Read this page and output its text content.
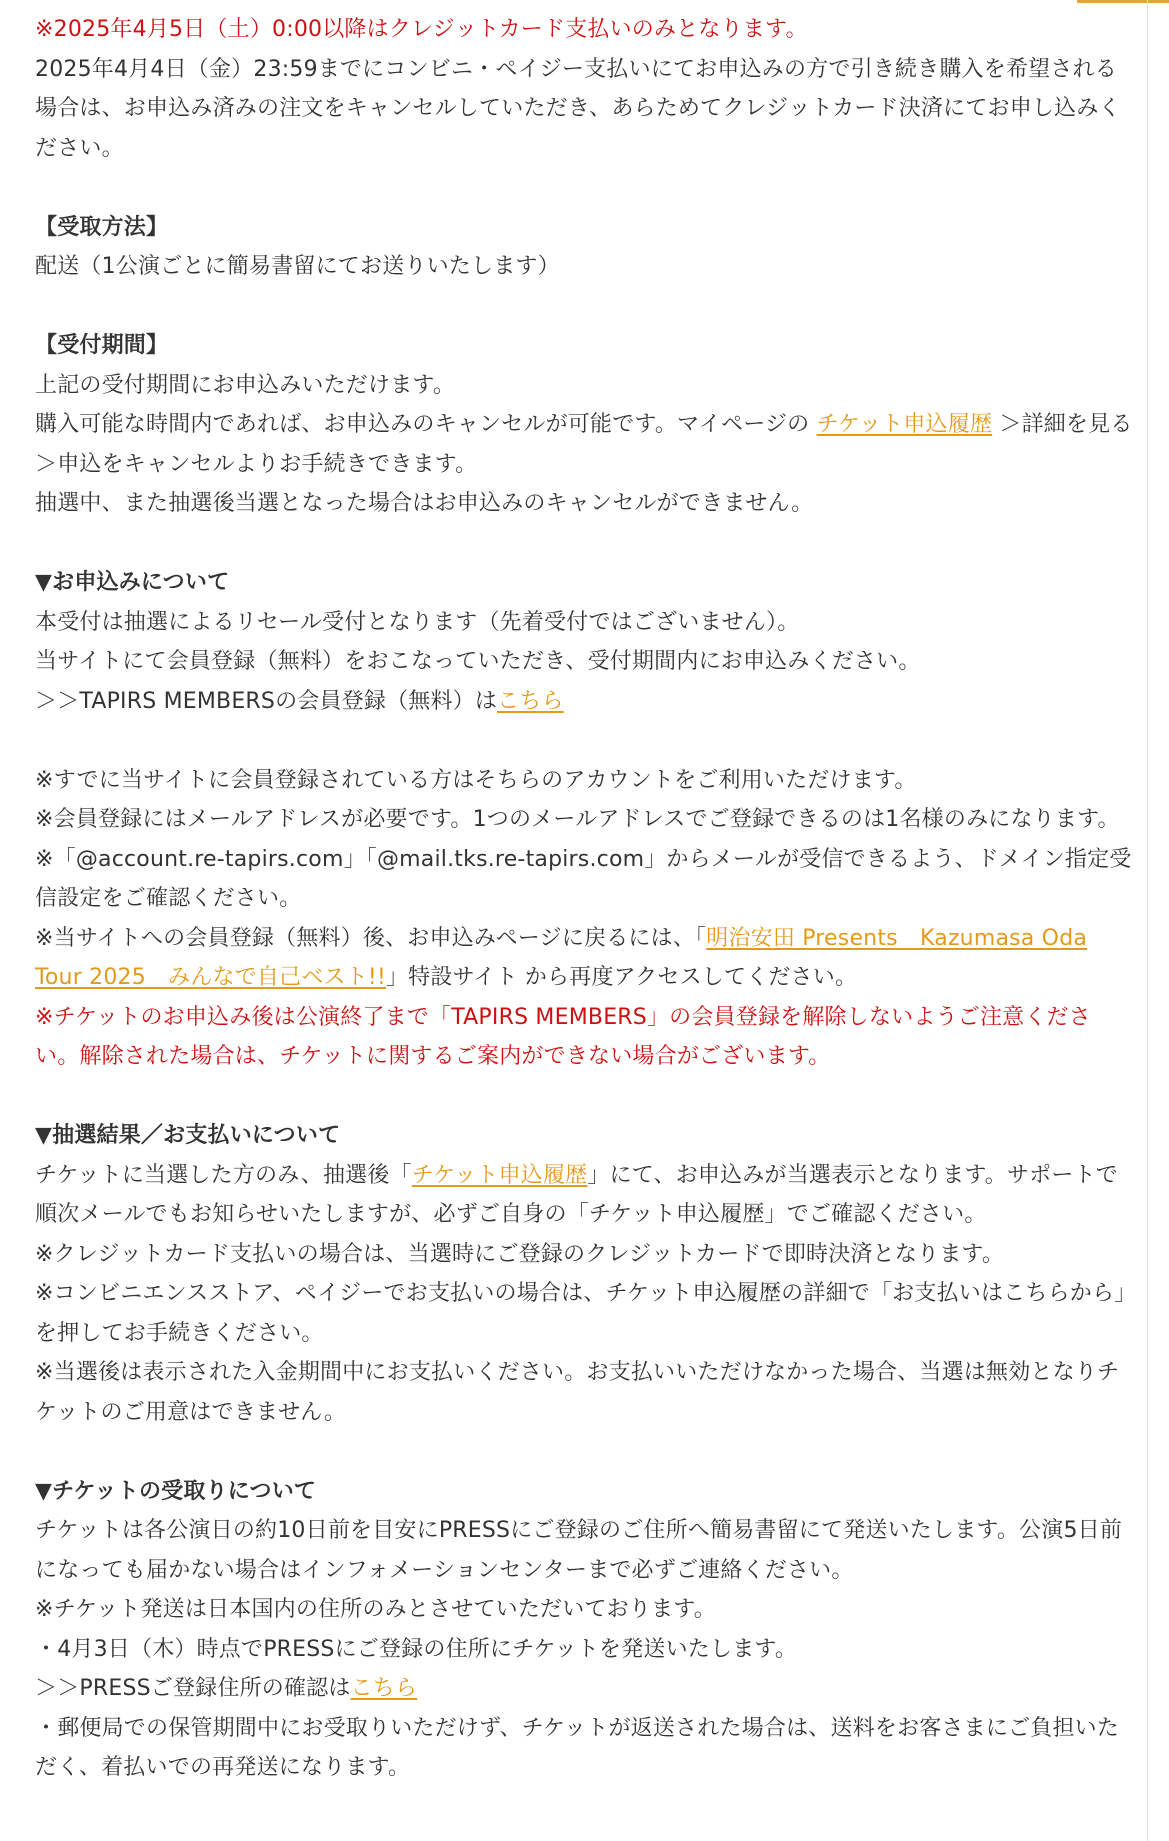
※2025年4月5日（土）0:00以降はクレジットカード支払いのみとなります。

2025年4月4日（金）23:59までにコンビニ・ペイジー支払いにてお申込みの方で引き続き購入を希望される場合は、お申込み済みの注文をキャンセルしていただき、あらためてクレジットカード決済にてお申し込みください。

【受取方法】

配送（1公演ごとに簡易書留にてお送りいたします）

【受付期間】

上記の受付期間にお申込みいただけます。

購入可能な時間内であれば、お申込みのキャンセルが可能です。マイページの チケット申込履歴 ＞詳細を見る＞申込をキャンセルよりお手続きできます。

抽選中、また抽選後当選となった場合はお申込みのキャンセルができません。

▼お申込みについて

本受付は抽選によるリセール受付となります（先着受付ではございません）。

当サイトにて会員登録（無料）をおこなっていただき、受付期間内にお申込みください。

＞＞TAPIRS MEMBERSの会員登録（無料）はこちら

※すでに当サイトに会員登録されている方はそちらのアカウントをご利用いただけます。

※会員登録にはメールアドレスが必要です。1つのメールアドレスでご登録できるのは1名様のみになります。

※「@account.re-tapirs.com」「@mail.tks.re-tapirs.com」からメールが受信できるよう、ドメイン指定受信設定をご確認ください。

※当サイトへの会員登録（無料）後、お申込みページに戻るには、「明治安田 Presents　Kazumasa Oda Tour 2025　みんなで自己ベスト!!」特設サイト から再度アクセスしてください。

※チケットのお申込み後は公演終了まで「TAPIRS MEMBERS」の会員登録を解除しないようご注意ください。解除された場合は、チケットに関するご案内ができない場合がございます。

▼抽選結果／お支払いについて

チケットに当選した方のみ、抽選後「チケット申込履歴」にて、お申込みが当選表示となります。サポートで順次メールでもお知らせいたしますが、必ずご自身の「チケット申込履歴」でご確認ください。

※クレジットカード支払いの場合は、当選時にご登録のクレジットカードで即時決済となります。

※コンビニエンスストア、ペイジーでお支払いの場合は、チケット申込履歴の詳細で「お支払いはこちらから」を押してお手続きください。

※当選後は表示された入金期間中にお支払いください。お支払いいただけなかった場合、当選は無効となりチケットのご用意はできません。

▼チケットの受取りについて

チケットは各公演日の約10日前を目安にPRESSにご登録のご住所へ簡易書留にて発送いたします。公演5日前になっても届かない場合はインフォメーションセンターまで必ずご連絡ください。

※チケット発送は日本国内の住所のみとさせていただいております。

・4月3日（木）時点でPRESSにご登録の住所にチケットを発送いたします。

＞＞PRESSご登録住所の確認はこちら

・郵便局での保管期間中にお受取りいただけず、チケットが返送された場合は、送料をお客さまにご負担いただく、着払いでの再発送になります。
